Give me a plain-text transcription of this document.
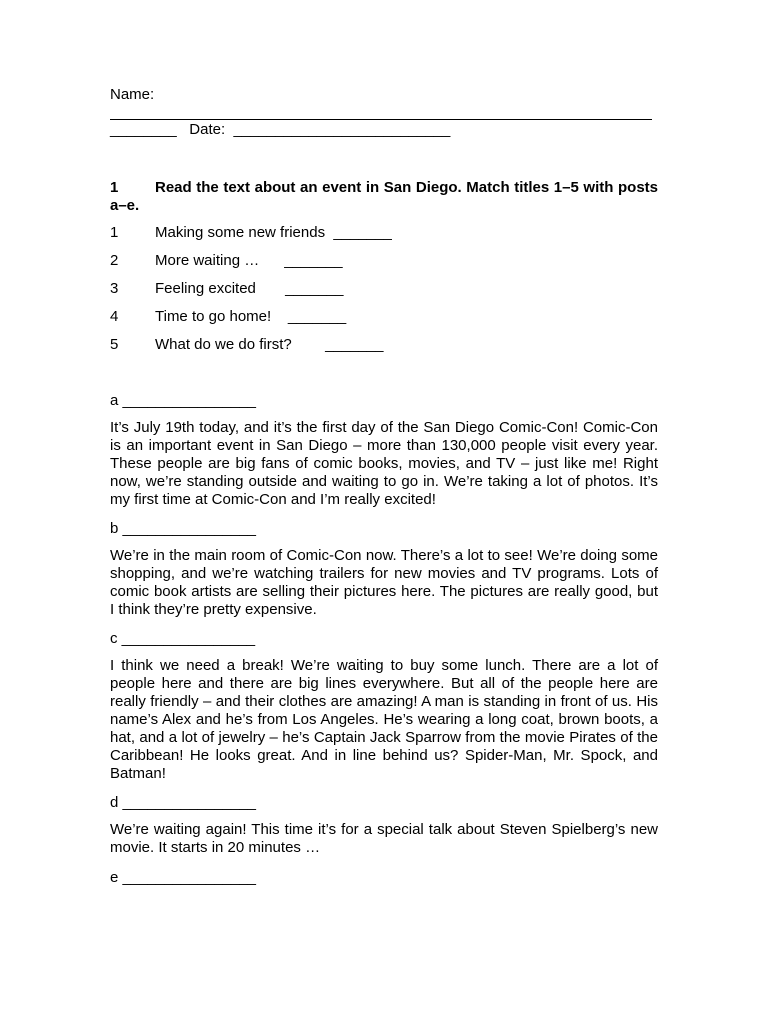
Name:
________ Date: __________________________
1 Read the text about an event in San Diego. Match titles 1–5 with posts a–e.
1 Making some new friends _______
2 More waiting … _______
3 Feeling excited _______
4 Time to go home! _______
5 What do we do first? _______
a ________________
It’s July 19th today, and it’s the first day of the San Diego Comic-Con! Comic-Con is an important event in San Diego – more than 130,000 people visit every year. These people are big fans of comic books, movies, and TV – just like me! Right now, we’re standing outside and waiting to go in. We’re taking a lot of photos. It’s my first time at Comic-Con and I’m really excited!
b ________________
We’re in the main room of Comic-Con now. There’s a lot to see! We’re doing some shopping, and we’re watching trailers for new movies and TV programs. Lots of comic book artists are selling their pictures here. The pictures are really good, but I think they’re pretty expensive.
c ________________
I think we need a break! We’re waiting to buy some lunch. There are a lot of people here and there are big lines everywhere. But all of the people here are really friendly – and their clothes are amazing! A man is standing in front of us. His name’s Alex and he’s from Los Angeles. He’s wearing a long coat, brown boots, a hat, and a lot of jewelry – he’s Captain Jack Sparrow from the movie Pirates of the Caribbean! He looks great. And in line behind us? Spider-Man, Mr. Spock, and Batman!
d ________________
We’re waiting again! This time it’s for a special talk about Steven Spielberg’s new movie. It starts in 20 minutes …
e ________________
